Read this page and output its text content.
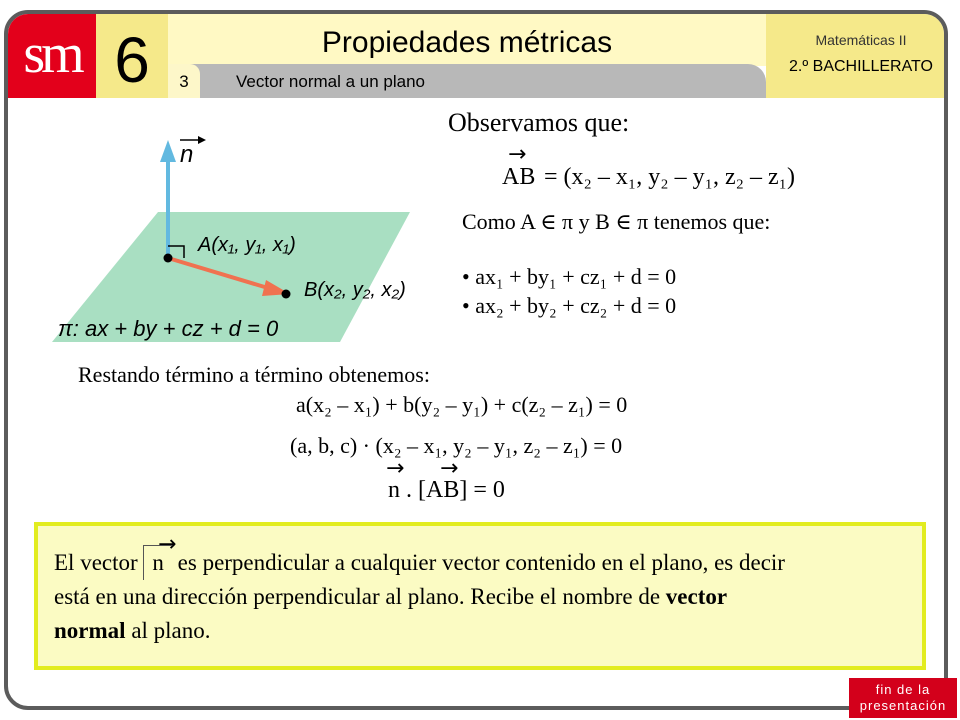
sm 6	Propiedades métricas
3	Vector normal a un plano
Matemáticas II
2.º BACHILLERATO
n
A(x₁, y₁, x₁)
B(x₂, y₂, x₂)
π: ax + by + cz + d = 0
Observamos que:
→
AB = (x₂ – x₁, y₂ – y₁, z₂ – z₁)
Como A ∈ π y B ∈ π tenemos que:
• ax₁ + by₁ + cz₁ + d = 0
• ax₂ + by₂ + cz₂ + d = 0
Restando término a término obtenemos:
a(x₂ – x₁) + b(y₂ – y₁) + c(z₂ – z₁) = 0
(a, b, c) · (x₂ – x₁, y₂ – y₁, z₂ – z₁) = 0
→ →
n . [AB] = 0
→
El vector n es perpendicular a cualquier vector contenido en el plano, es decir
está en una dirección perpendicular al plano. Recibe el nombre de vector
normal al plano.
fin de la
presentación
